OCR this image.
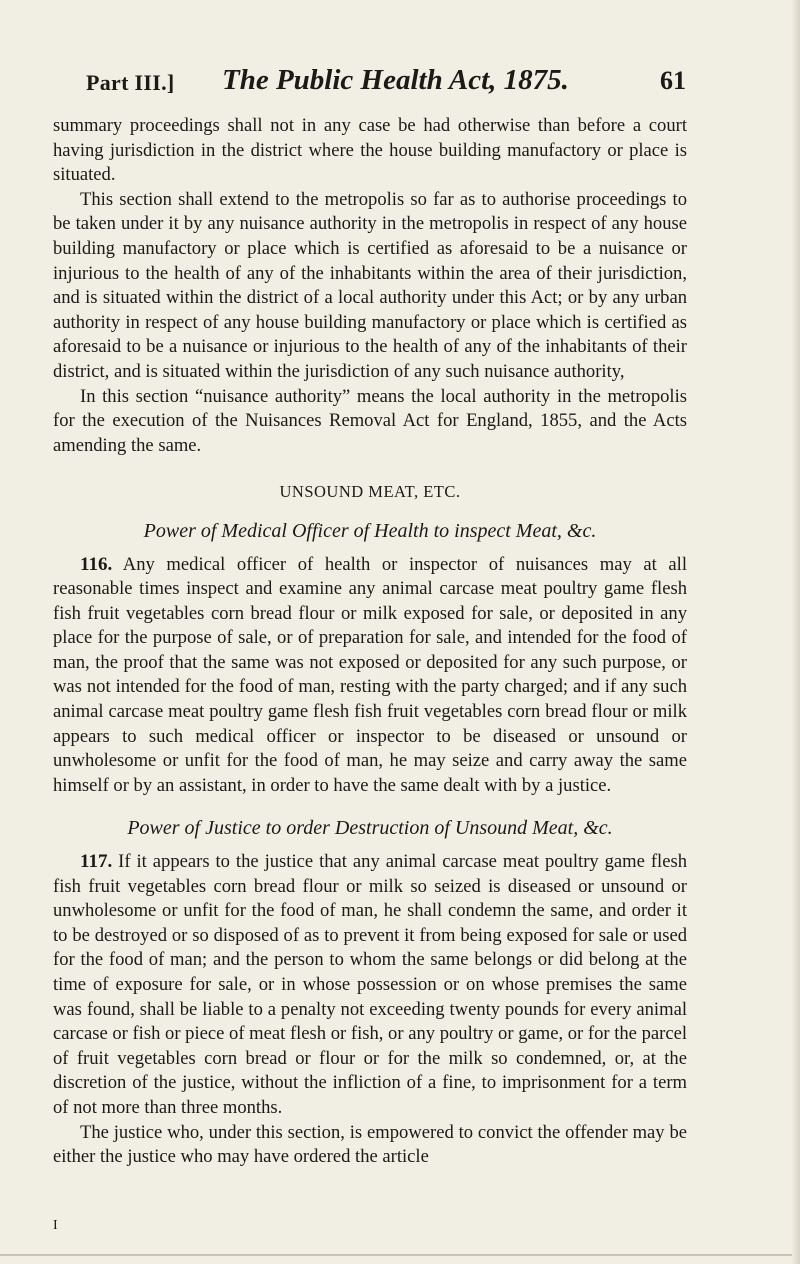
Part III.] The Public Health Act, 1875.	61

summary proceedings shall not in any case be had otherwise than before a court having jurisdiction in the district where the house building manufactory or place is situated.

This section shall extend to the metropolis so far as to authorise proceedings to be taken under it by any nuisance authority in the metropolis in respect of any house building manufactory or place which is certified as aforesaid to be a nuisance or injurious to the health of any of the inhabitants within the area of their jurisdiction, and is situated within the district of a local authority under this Act; or by any urban authority in respect of any house building manufactory or place which is certified as aforesaid to be a nuisance or injurious to the health of any of the inhabitants of their district, and is situated within the jurisdiction of any such nuisance authority,

In this section “nuisance authority” means the local authority in the metropolis for the execution of the Nuisances Removal Act for England, 1855, and the Acts amending the same.

UNSOUND MEAT, ETC.
Power of Medical Officer of Health to inspect Meat, &c.

116. Any medical officer of health or inspector of nuisances may at all reasonable times inspect and examine any animal carcase meat poultry game flesh fish fruit vegetables corn bread flour or milk exposed for sale, or deposited in any place for the purpose of sale, or of preparation for sale, and intended for the food of man, the proof that the same was not exposed or deposited for any such purpose, or was not intended for the food of man, resting with the party charged; and if any such animal carcase meat poultry game flesh fish fruit vegetables corn bread flour or milk appears to such medical officer or inspector to be diseased or unsound or unwholesome or unfit for the food of man, he may seize and carry away the same himself or by an assistant, in order to have the same dealt with by a justice.

Power of Justice to order Destruction of Unsound Meat, &c.

117. If it appears to the justice that any animal carcase meat poultry game flesh fish fruit vegetables corn bread flour or milk so seized is diseased or unsound or unwholesome or unfit for the food of man, he shall condemn the same, and order it to be destroyed or so disposed of as to prevent it from being exposed for sale or used for the food of man; and the person to whom the same belongs or did belong at the time of exposure for sale, or in whose possession or on whose premises the same was found, shall be liable to a penalty not exceeding twenty pounds for every animal carcase or fish or piece of meat flesh or fish, or any poultry or game, or for the parcel of fruit vegetables corn bread or flour or for the milk so condemned, or, at the discretion of the justice, without the infliction of a fine, to imprisonment for a term of not more than three months.

The justice who, under this section, is empowered to convict the offender may be either the justice who may have ordered the article

I
